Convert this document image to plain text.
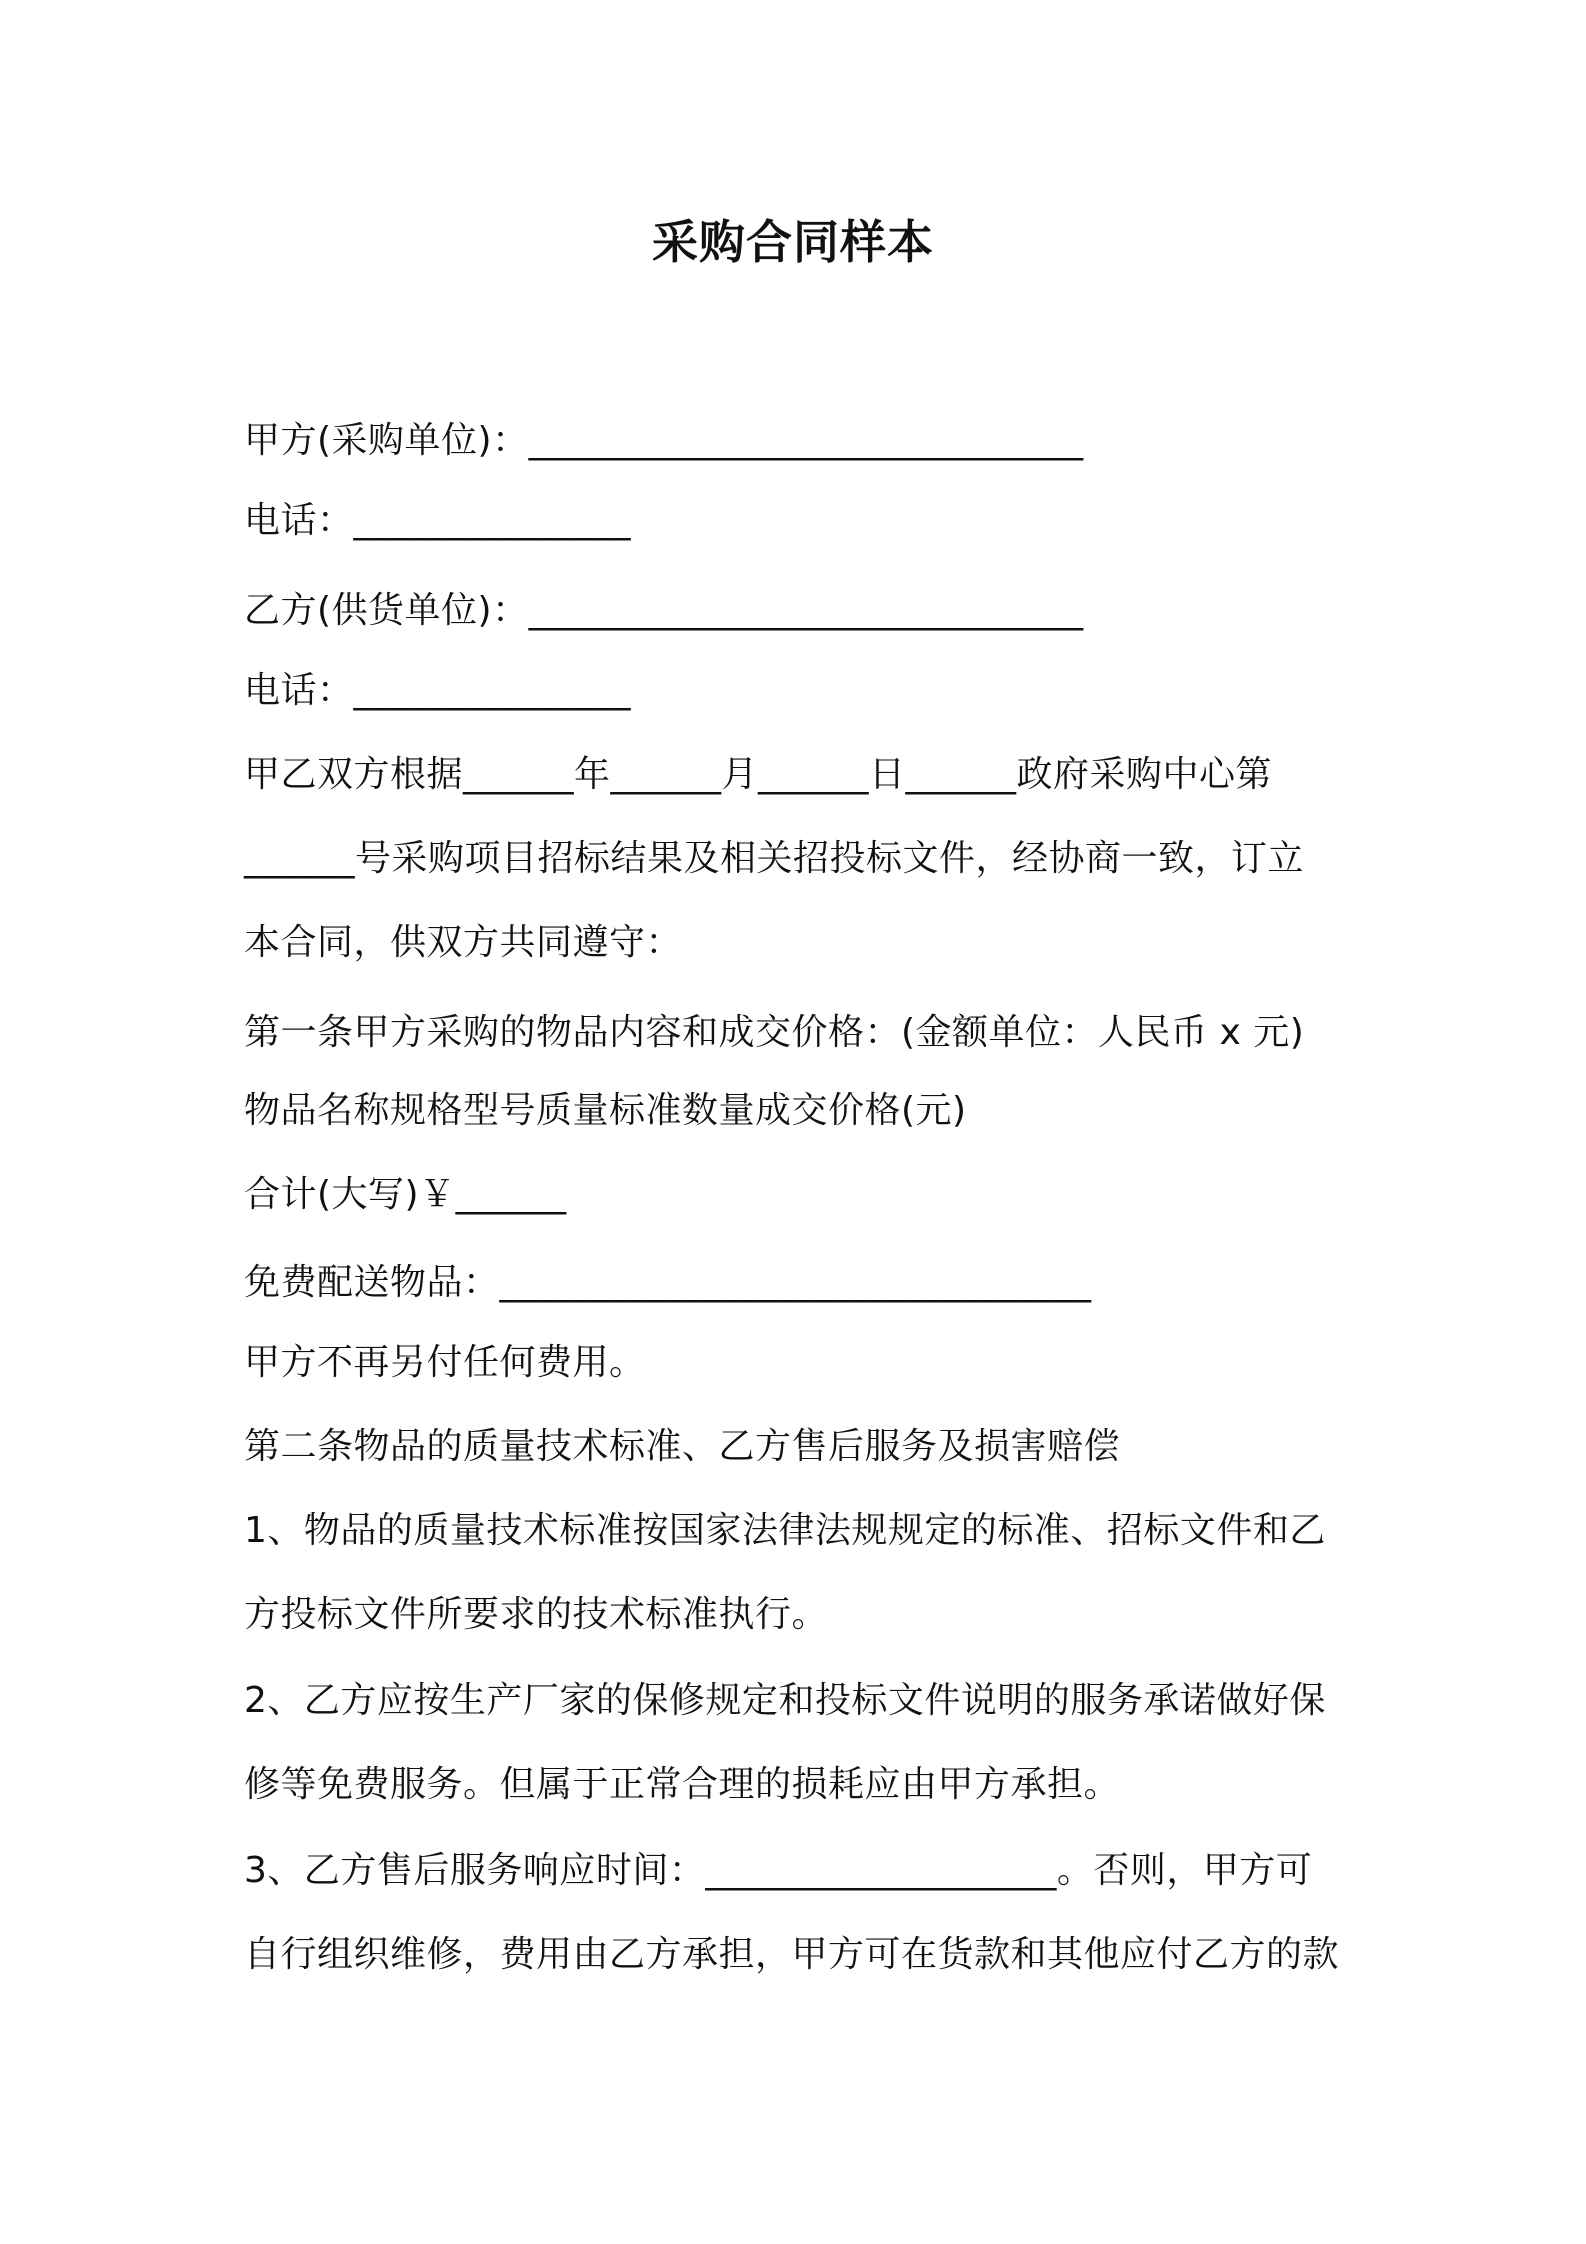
采购合同样本
甲方(采购单位)：______________________________
电话：_______________
乙方(供货单位)：______________________________
电话：_______________
甲乙双方根据______年______月______日______政府采购中心第
______号采购项目招标结果及相关招投标文件，经协商一致，订立
本合同，供双方共同遵守：
第一条甲方采购的物品内容和成交价格：(金额单位：人民币 x 元)
物品名称规格型号质量标准数量成交价格(元)
合计(大写)￥______
免费配送物品：________________________________
甲方不再另付任何费用。
第二条物品的质量技术标准、乙方售后服务及损害赔偿
1、物品的质量技术标准按国家法律法规规定的标准、招标文件和乙
方投标文件所要求的技术标准执行。
2、乙方应按生产厂家的保修规定和投标文件说明的服务承诺做好保
修等免费服务。但属于正常合理的损耗应由甲方承担。
3、乙方售后服务响应时间：___________________。否则，甲方可
自行组织维修，费用由乙方承担，甲方可在货款和其他应付乙方的款
